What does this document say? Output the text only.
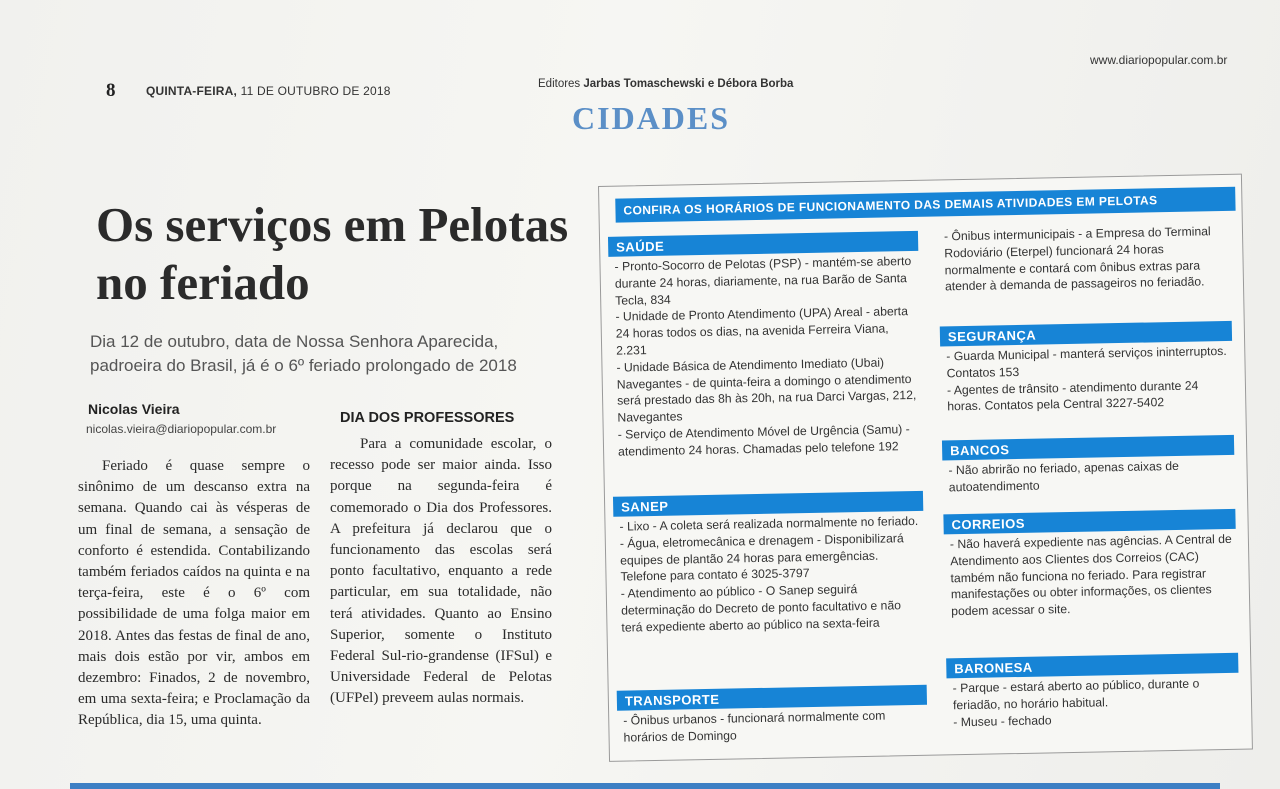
8	QUINTA-FEIRA, 11 DE OUTUBRO DE 2018	Editores Jarbas Tomaschewski e Débora Borba
www.diariopopular.com.br
CIDADES
Os serviços em Pelotas no feriado

Dia 12 de outubro, data de Nossa Senhora Aparecida, padroeira do Brasil, já é o 6º feriado prolongado de 2018

Nicolas Vieira
nicolas.vieira@diariopopular.com.br

Feriado é quase sempre o sinônimo de um descanso extra na semana. Quando cai às vésperas de um final de semana, a sensação de conforto é estendida. Contabilizando também feriados caídos na quinta e na terça-feira, este é o 6º com possibilidade de uma folga maior em 2018. Antes das festas de final de ano, mais dois estão por vir, ambos em dezembro: Finados, 2 de novembro, em uma sexta-feira; e Proclamação da República, dia 15, uma quinta.

DIA DOS PROFESSORES

Para a comunidade escolar, o recesso pode ser maior ainda. Isso porque na segunda-feira é comemorado o Dia dos Professores. A prefeitura já declarou que o funcionamento das escolas será ponto facultativo, enquanto a rede particular, em sua totalidade, não terá atividades. Quanto ao Ensino Superior, somente o Instituto Federal Sul-rio-grandense (IFSul) e Universidade Federal de Pelotas (UFPel) preveem aulas normais.

CONFIRA OS HORÁRIOS DE FUNCIONAMENTO DAS DEMAIS ATIVIDADES EM PELOTAS
SAÚDE

- Pronto-Socorro de Pelotas (PSP) - mantém-se aberto durante 24 horas, diariamente, na rua Barão de Santa Tecla, 834
- Unidade de Pronto Atendimento (UPA) Areal - aberta 24 horas todos os dias, na avenida Ferreira Viana, 2.231
- Unidade Básica de Atendimento Imediato (Ubai) Navegantes - de quinta-feira a domingo o atendimento será prestado das 8h às 20h, na rua Darci Vargas, 212, Navegantes
- Serviço de Atendimento Móvel de Urgência (Samu) - atendimento 24 horas. Chamadas pelo telefone 192

SANEP

- Lixo - A coleta será realizada normalmente no feriado.
- Água, eletromecânica e drenagem - Disponibilizará equipes de plantão 24 horas para emergências. Telefone para contato é 3025-3797
- Atendimento ao público - O Sanep seguirá determinação do Decreto de ponto facultativo e não terá expediente aberto ao público na sexta-feira

TRANSPORTE

- Ônibus urbanos - funcionará normalmente com horários de Domingo

- Ônibus intermunicipais - a Empresa do Terminal Rodoviário (Eterpel) funcionará 24 horas normalmente e contará com ônibus extras para atender à demanda de passageiros no feriadão.

SEGURANÇA

- Guarda Municipal - manterá serviços ininterruptos. Contatos 153
- Agentes de trânsito - atendimento durante 24 horas. Contatos pela Central 3227-5402

BANCOS

- Não abrirão no feriado, apenas caixas de autoatendimento

CORREIOS

- Não haverá expediente nas agências. A Central de Atendimento aos Clientes dos Correios (CAC) também não funciona no feriado. Para registrar manifestações ou obter informações, os clientes podem acessar o site.

BARONESA

- Parque - estará aberto ao público, durante o feriadão, no horário habitual.
- Museu - fechado
